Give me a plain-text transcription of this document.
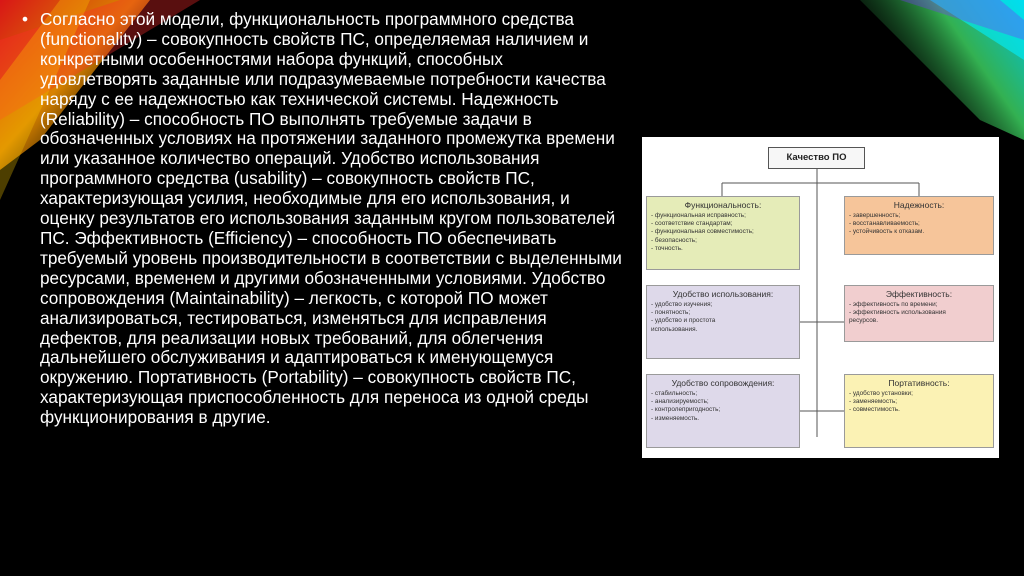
• Согласно этой модели, функциональность программного средства (functionality) – совокупность свойств ПС, определяемая наличием и конкретными особенностями набора функций, способных удовлетворять заданные или подразумеваемые потребности качества наряду с ее надежностью как технической системы. Надежность (Reliability) – способность ПО выполнять требуемые задачи в обозначенных условиях на протяжении заданного промежутка времени или указанное количество операций. Удобство использования программного средства (usability) – совокупность свойств ПС, характеризующая усилия, необходимые для его использования, и оценку результатов его использования заданным кругом пользователей ПС. Эффективность (Efficiency) – способность ПО обеспечивать требуемый уровень производительности в соответствии с выделенными ресурсами, временем и другими обозначенными условиями. Удобство сопровождения (Maintainability) – легкость, с которой ПО может анализироваться, тестироваться, изменяться для исправления дефектов, для реализации новых требований, для облегчения дальнейшего обслуживания и адаптироваться к именующемуся окружению. Портативность (Portability) – совокупность свойств ПС, характеризующая приспособленность для переноса из одной среды функционирования в другие.
Качество ПО
Функциональность:
- функциональная исправность;
- соответствие стандартам;
- функциональная совместимость;
- безопасность;
- точность.
Надежность:
- завершенность;
- восстанавливаемость;
- устойчивость к отказам.
Удобство использования:
- удобство изучения;
- понятность;
- удобство и простота
использования.
Эффективность:
- эффективность по времени;
- эффективность использования
ресурсов.
Удобство сопровождения:
- стабильность;
- анализируемость;
- контролепригодность;
- изменяемость.
Портативность:
- удобство установки;
- заменяемость;
- совместимость.
